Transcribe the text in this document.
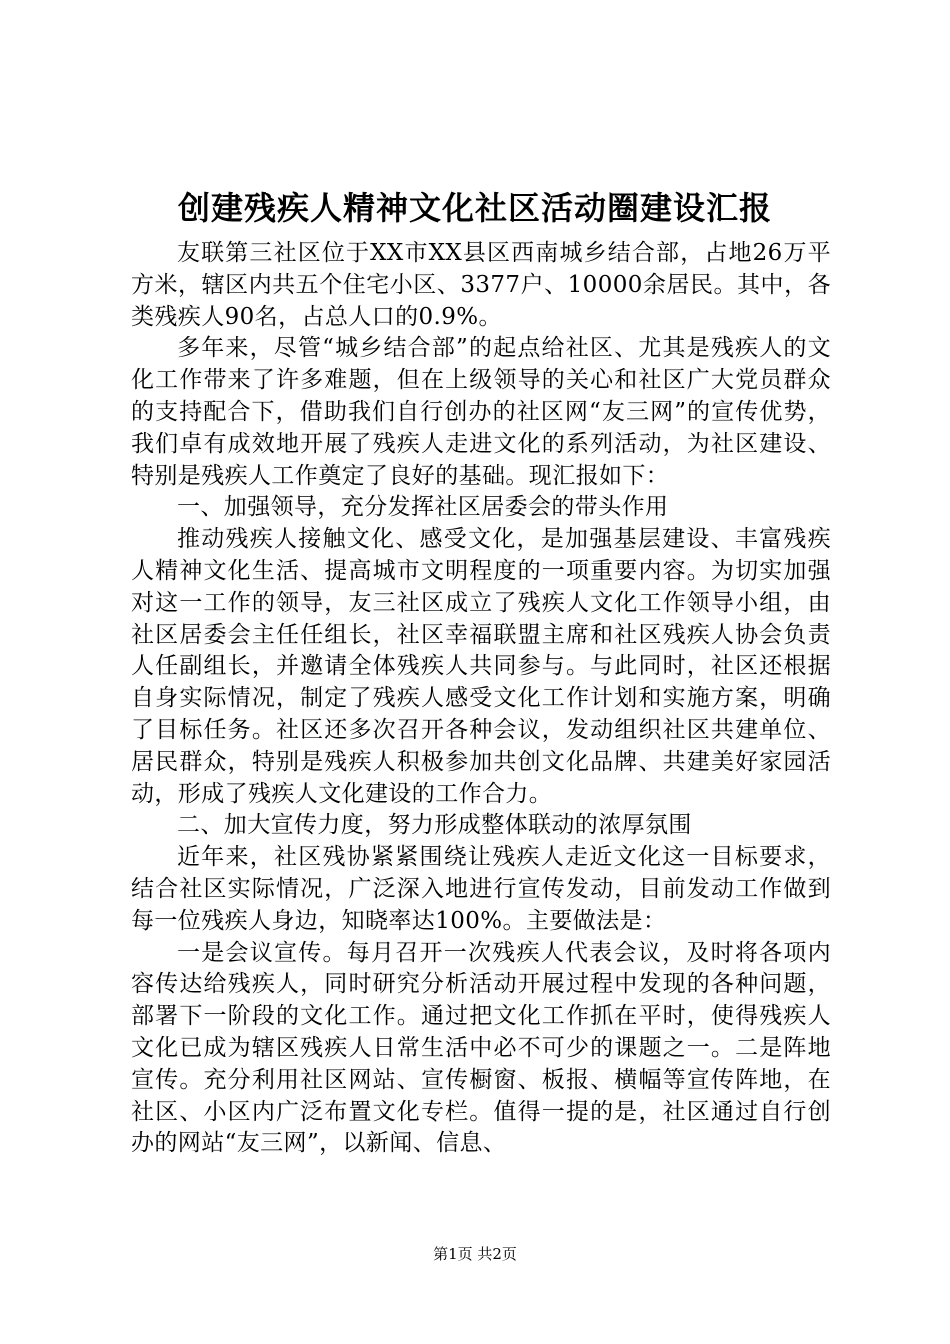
创建残疾人精神文化社区活动圈建设汇报

友联第三社区位于XX市XX县区西南城乡结合部，占地26万平方米，辖区内共五个住宅小区、3377户、10000余居民。其中，各类残疾人90名，占总人口的0.9%。

多年来，尽管“城乡结合部”的起点给社区、尤其是残疾人的文化工作带来了许多难题，但在上级领导的关心和社区广大党员群众的支持配合下，借助我们自行创办的社区网“友三网”的宣传优势，我们卓有成效地开展了残疾人走进文化的系列活动，为社区建设、特别是残疾人工作奠定了良好的基础。现汇报如下：

一、加强领导，充分发挥社区居委会的带头作用

推动残疾人接触文化、感受文化，是加强基层建设、丰富残疾人精神文化生活、提高城市文明程度的一项重要内容。为切实加强对这一工作的领导，友三社区成立了残疾人文化工作领导小组，由社区居委会主任任组长，社区幸福联盟主席和社区残疾人协会负责人任副组长，并邀请全体残疾人共同参与。与此同时，社区还根据自身实际情况，制定了残疾人感受文化工作计划和实施方案，明确了目标任务。社区还多次召开各种会议，发动组织社区共建单位、居民群众，特别是残疾人积极参加共创文化品牌、共建美好家园活动，形成了残疾人文化建设的工作合力。

二、加大宣传力度，努力形成整体联动的浓厚氛围

近年来，社区残协紧紧围绕让残疾人走近文化这一目标要求，结合社区实际情况，广泛深入地进行宣传发动，目前发动工作做到每一位残疾人身边，知晓率达100%。主要做法是：

一是会议宣传。每月召开一次残疾人代表会议，及时将各项内容传达给残疾人，同时研究分析活动开展过程中发现的各种问题，部署下一阶段的文化工作。通过把文化工作抓在平时，使得残疾人文化已成为辖区残疾人日常生活中必不可少的课题之一。二是阵地宣传。充分利用社区网站、宣传橱窗、板报、横幅等宣传阵地，在社区、小区内广泛布置文化专栏。值得一提的是，社区通过自行创办的网站“友三网”，以新闻、信息、

第1页 共2页
